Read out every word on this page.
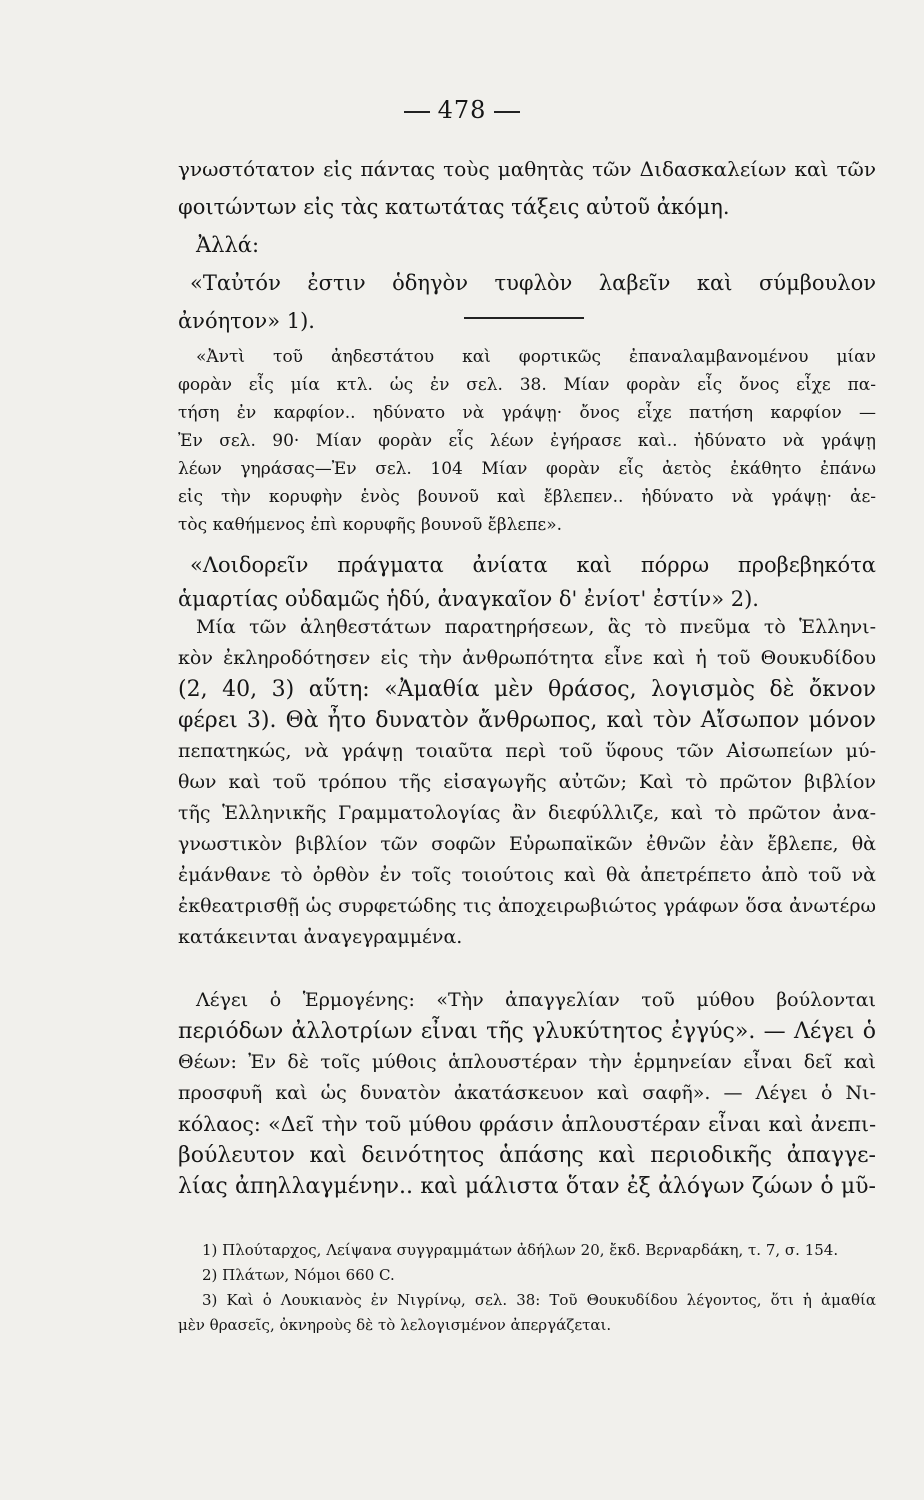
478
γνωστότατον εἰς πάντας τοὺς μαθητὰς τῶν Διδασκαλείων καὶ τῶν
φοιτώντων εἰς τὰς κατωτάτας τάξεις αὐτοῦ ἀκόμη.
Ἀλλά:
«Ταὐτόν ἐστιν ὁδηγὸν τυφλὸν λαβεῖν καὶ σύμβουλον
ἀνόητον» 1).
«Ἀντὶ τοῦ ἀηδεστάτου καὶ φορτικῶς ἐπαναλαμβανομένου μίαν
φορὰν εἶς μία κτλ. ὡς ἐν σελ. 38. Μίαν φορὰν εἶς ὄνος εἶχε πα-
τήση ἐν καρφίον.. ηδύνατο νὰ γράψῃ· ὄνος εἶχε πατήση καρφίον —
Ἐν σελ. 90· Μίαν φορὰν εἷς λέων ἐγήρασε καὶ.. ἠδύνατο νὰ γράψῃ
λέων γηράσας—Ἐν σελ. 104 Μίαν φορὰν εἷς ἀετὸς ἐκάθητο ἐπάνω
εἰς τὴν κορυφὴν ἑνὸς βουνοῦ καὶ ἔβλεπεν.. ἠδύνατο νὰ γράψῃ· ἀε-
τὸς καθήμενος ἐπὶ κορυφῆς βουνοῦ ἔβλεπε».
«Λοιδορεῖν πράγματα ἀνίατα καὶ πόρρω προβεβηκότα
ἁμαρτίας οὐδαμῶς ἡδύ, ἀναγκαῖον δ' ἐνίοτ' ἐστίν» 2).
Μία τῶν ἀληθεστάτων παρατηρήσεων, ἃς τὸ πνεῦμα τὸ Ἑλληνι-
κὸν ἐκληροδότησεν εἰς τὴν ἀνθρωπότητα εἶνε καὶ ἡ τοῦ Θουκυδίδου
(2, 40, 3) αὕτη: «Ἀμαθία μὲν θράσος, λογισμὸς δὲ ὄκνον
φέρει 3). Θὰ ἦτο δυνατὸν ἄνθρωπος, καὶ τὸν Αἴσωπον μόνον
πεπατηκώς, νὰ γράψῃ τοιαῦτα περὶ τοῦ ὕφους τῶν Αἰσωπείων μύ-
θων καὶ τοῦ τρόπου τῆς εἰσαγωγῆς αὐτῶν; Καὶ τὸ πρῶτον βιβλίον
τῆς Ἑλληνικῆς Γραμματολογίας ἂν διεφύλλιζε, καὶ τὸ πρῶτον ἀνα-
γνωστικὸν βιβλίον τῶν σοφῶν Εὐρωπαϊκῶν ἐθνῶν ἐὰν ἔβλεπε, θὰ
ἐμάνθανε τὸ ὀρθὸν ἐν τοῖς τοιούτοις καὶ θὰ ἀπετρέπετο ἀπὸ τοῦ νὰ
ἐκθεατρισθῇ ὡς συρφετώδης τις ἀποχειρωβιώτος γράφων ὅσα ἀνωτέρω
κατάκεινται ἀναγεγραμμένα.
Λέγει ὁ Ἑρμογένης: «Τὴν ἀπαγγελίαν τοῦ μύθου βούλονται
περιόδων ἀλλοτρίων εἶναι τῆς γλυκύτητος ἐγγύς». — Λέγει ὁ
Θέων: Ἐν δὲ τοῖς μύθοις ἁπλουστέραν τὴν ἑρμηνείαν εἶναι δεῖ καὶ
προσφυῆ καὶ ὡς δυνατὸν ἀκατάσκευον καὶ σαφῆ». — Λέγει ὁ Νι-
κόλαος: «Δεῖ τὴν τοῦ μύθου φράσιν ἁπλουστέραν εἶναι καὶ ἀνεπι-
βούλευτον καὶ δεινότητος ἁπάσης καὶ περιοδικῆς ἀπαγγε-
λίας ἀπηλλαγμένην.. καὶ μάλιστα ὅταν ἐξ ἀλόγων ζώων ὁ μῦ-
1) Πλούταρχος, Λείψανα συγγραμμάτων ἀδήλων 20, ἔκδ. Βερναρδάκη, τ. 7, σ. 154.
2) Πλάτων, Νόμοι 660 C.
3) Καὶ ὁ Λουκιανὸς ἐν Νιγρίνῳ, σελ. 38: Τοῦ Θουκυδίδου λέγοντος, ὅτι ἡ ἀμαθία
μὲν θρασεῖς, ὀκνηροὺς δὲ τὸ λελογισμένον ἀπεργάζεται.
